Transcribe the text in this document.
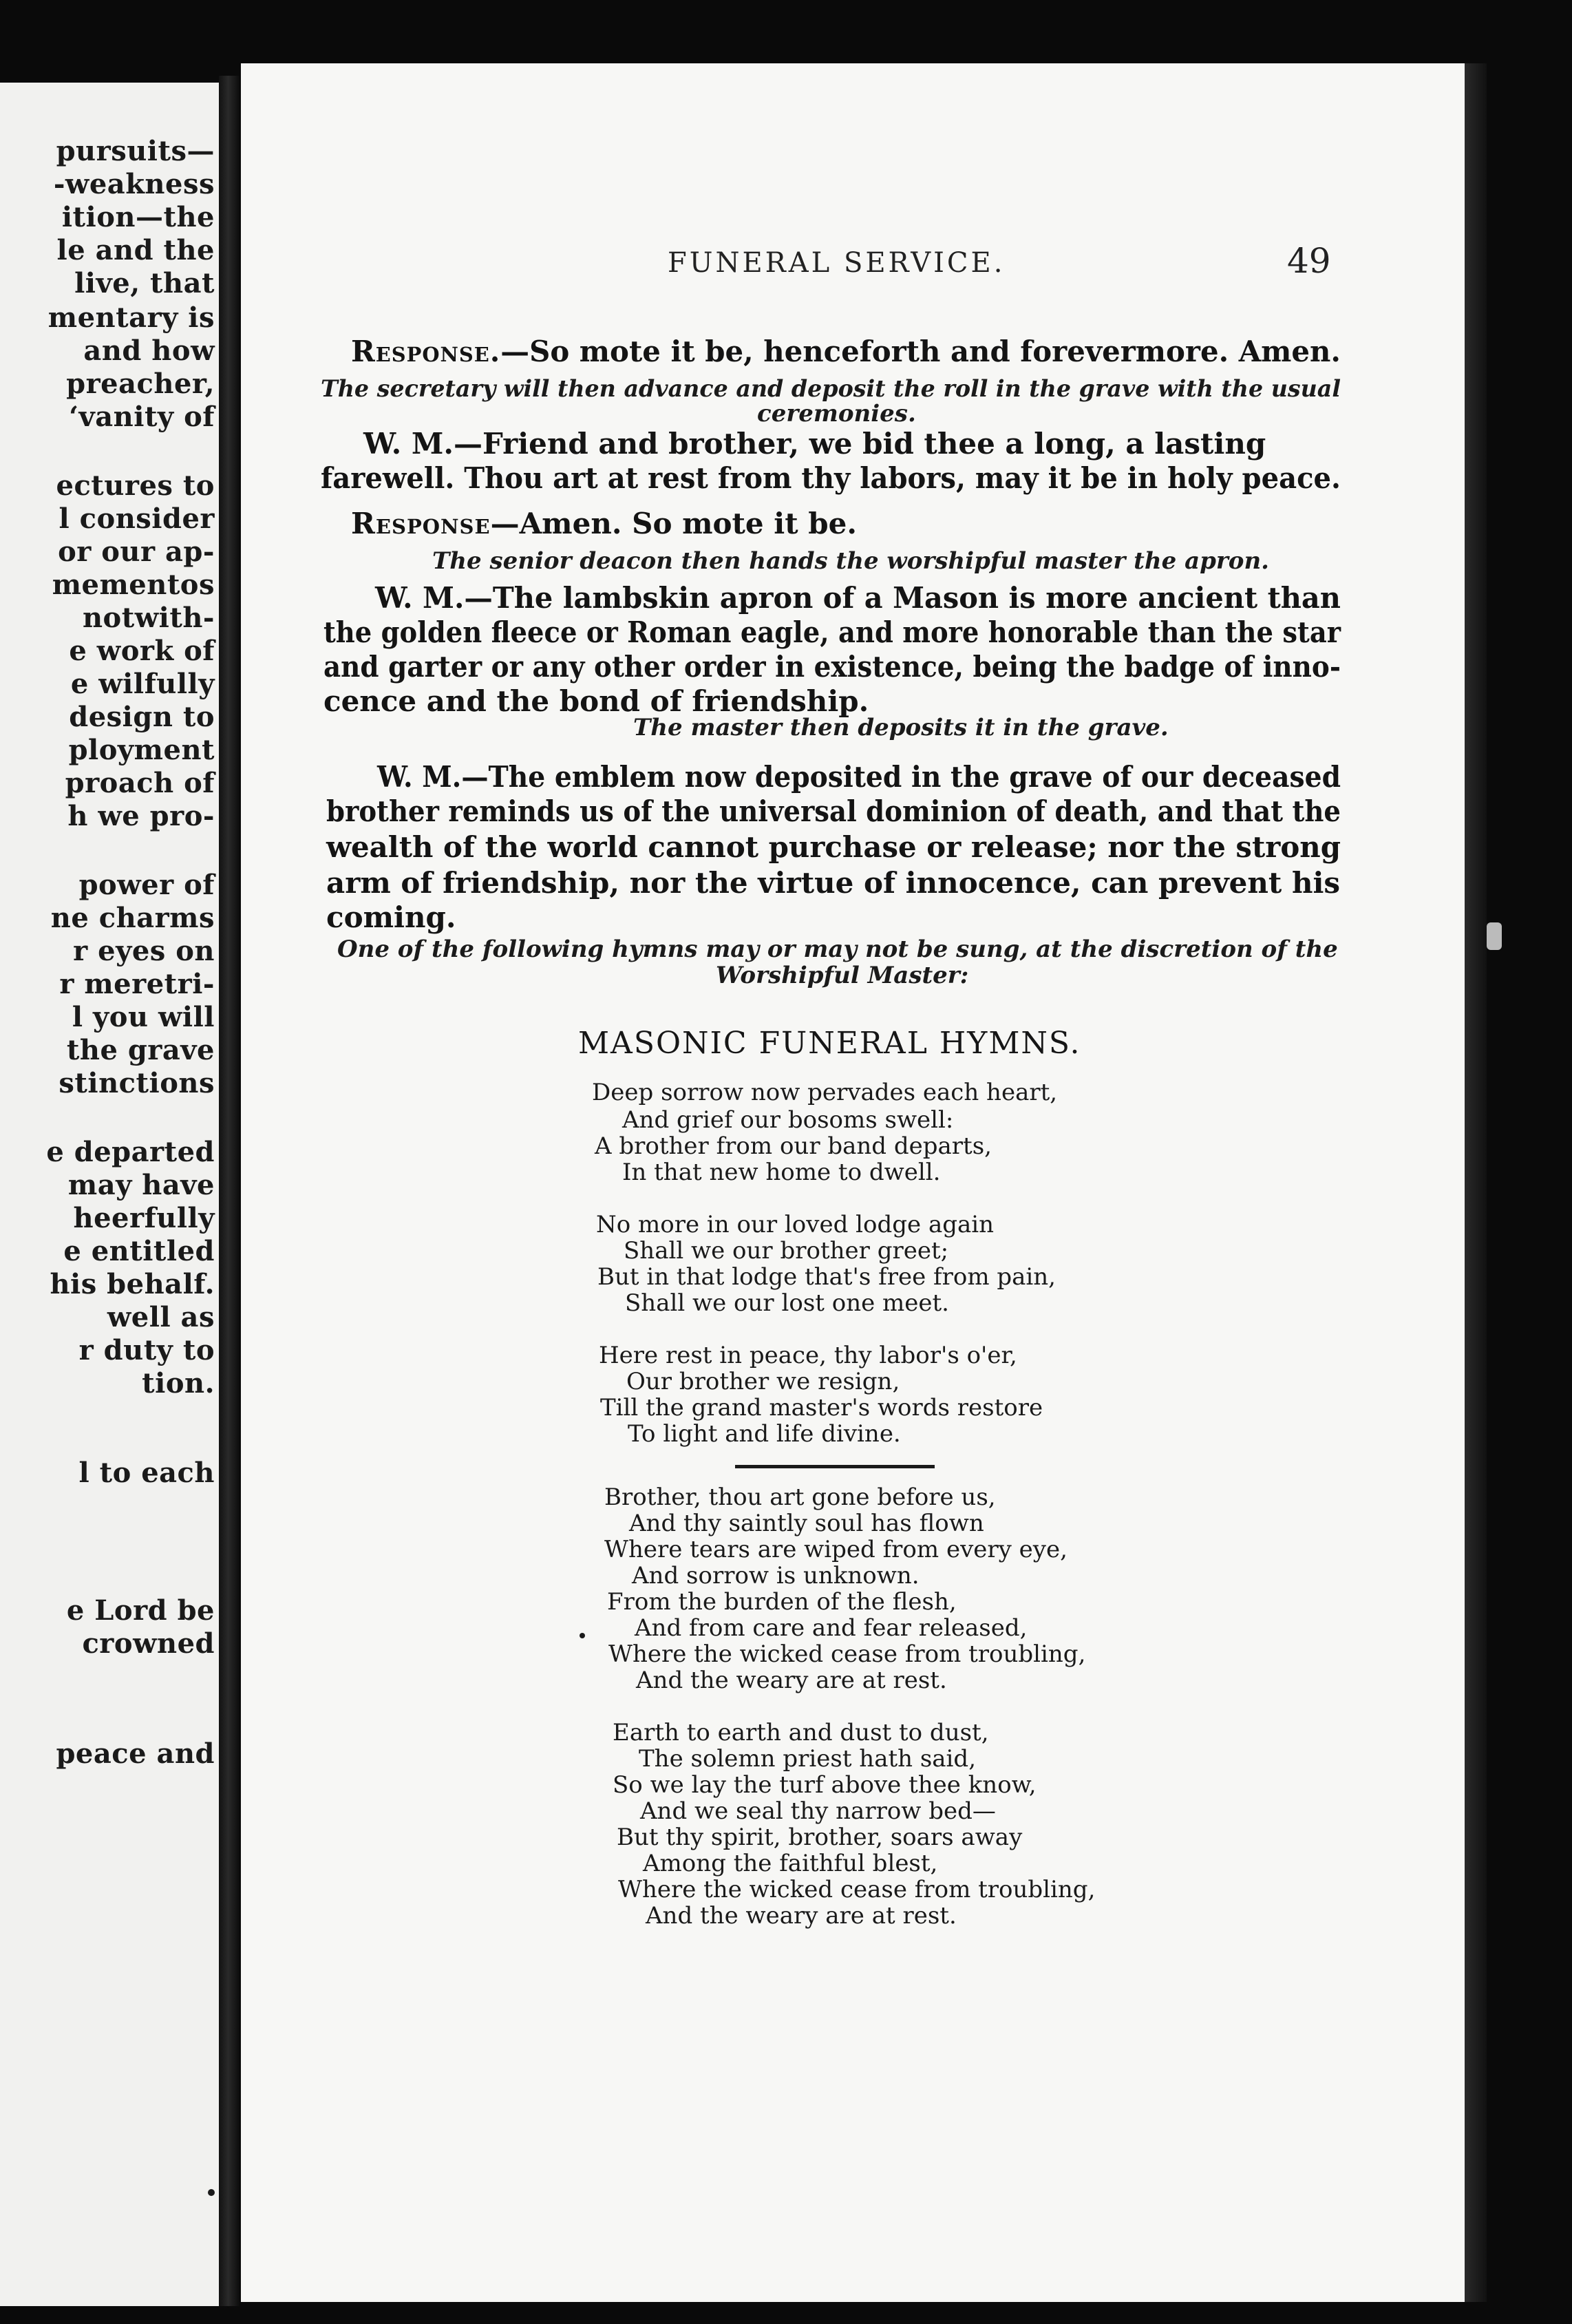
pursuits—
-weakness
ition—the
le and the
live, that
mentary is
and how
preacher,
‘vanity of
ectures to
l consider
or our ap-
mementos
notwith-
e work of
e wilfully
design to
ployment
proach of
h we pro-
power of
ne charms
r eyes on
r meretri-
l you will
the grave
stinctions
e departed
may have
heerfully
e entitled
his behalf.
well as
r duty to
tion.
l to each
e Lord be
crowned
peace and
FUNERAL SERVICE.	49
Response.—So mote it be, henceforth and forevermore. Amen.
The secretary will then advance and deposit the roll in the grave with the usual
ceremonies.
W. M.—Friend and brother, we bid thee a long, a lasting
farewell. Thou art at rest from thy labors, may it be in holy peace.
Response—Amen. So mote it be.
The senior deacon then hands the worshipful master the apron.
W. M.—The lambskin apron of a Mason is more ancient than
the golden fleece or Roman eagle, and more honorable than the star
and garter or any other order in existence, being the badge of inno-
cence and the bond of friendship.
The master then deposits it in the grave.
W. M.—The emblem now deposited in the grave of our deceased
brother reminds us of the universal dominion of death, and that the
wealth of the world cannot purchase or release; nor the strong
arm of friendship, nor the virtue of innocence, can prevent his
coming.
One of the following hymns may or may not be sung, at the discretion of the
Worshipful Master:
MASONIC FUNERAL HYMNS.
Deep sorrow now pervades each heart,
And grief our bosoms swell:
A brother from our band departs,
In that new home to dwell.
No more in our loved lodge again
Shall we our brother greet;
But in that lodge that's free from pain,
Shall we our lost one meet.
Here rest in peace, thy labor's o'er,
Our brother we resign,
Till the grand master's words restore
To light and life divine.
Brother, thou art gone before us,
And thy saintly soul has flown
Where tears are wiped from every eye,
And sorrow is unknown.
From the burden of the flesh,
And from care and fear released,
Where the wicked cease from troubling,
And the weary are at rest.
Earth to earth and dust to dust,
The solemn priest hath said,
So we lay the turf above thee know,
And we seal thy narrow bed—
But thy spirit, brother, soars away
Among the faithful blest,
Where the wicked cease from troubling,
And the weary are at rest.
